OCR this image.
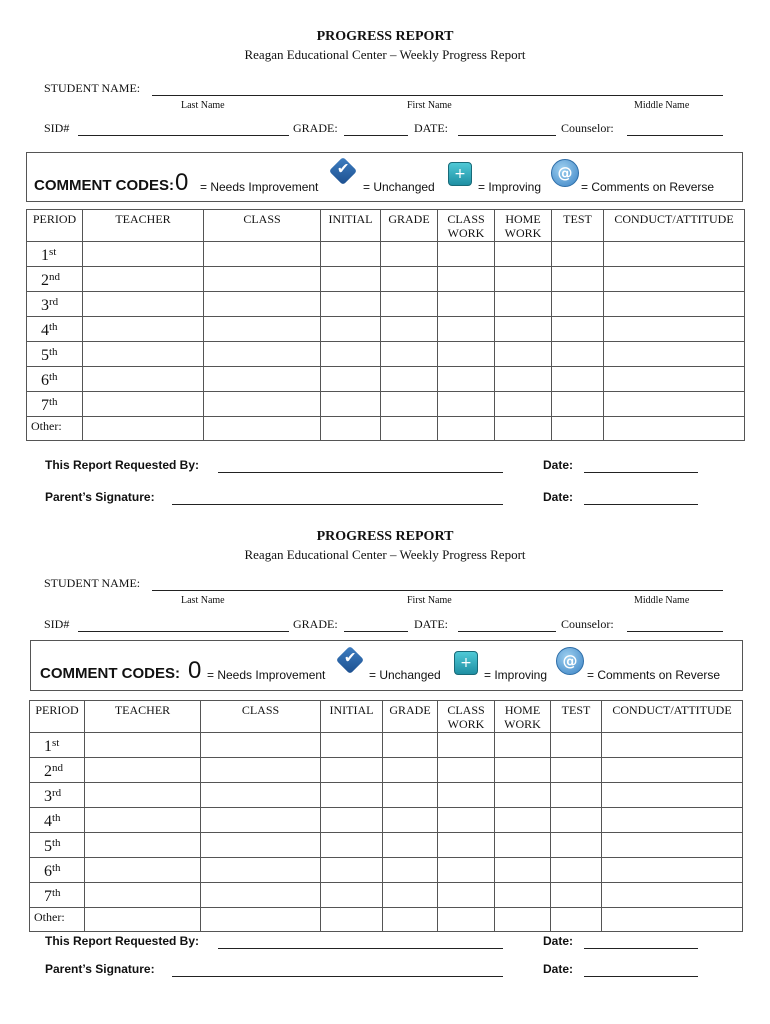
PROGRESS REPORT
Reagan Educational Center – Weekly Progress Report
STUDENT NAME:
Last Name	First Name	Middle Name
SID#	GRADE:	DATE:	Counselor:
COMMENT CODES: 0 = Needs Improvement
✔
= Unchanged
+
= Improving
@
= Comments on Reverse
PERIOD	TEACHER	CLASS	INITIAL	GRADE	CLASS WORK	HOME WORK	TEST	CONDUCT/ATTITUDE
1st								
2nd								
3rd								
4th								
5th								
6th								
7th								
Other:								
This Report Requested By:	Date:
Parent’s Signature:	Date:
PROGRESS REPORT
Reagan Educational Center – Weekly Progress Report
STUDENT NAME:
Last Name	First Name	Middle Name
SID#	GRADE:	DATE:	Counselor:
COMMENT CODES: 0 = Needs Improvement
✔
= Unchanged
+
= Improving
@
= Comments on Reverse
PERIOD	TEACHER	CLASS	INITIAL	GRADE	CLASS WORK	HOME WORK	TEST	CONDUCT/ATTITUDE
1st								
2nd								
3rd								
4th								
5th								
6th								
7th								
Other:								
This Report Requested By:	Date:
Parent’s Signature:	Date:
